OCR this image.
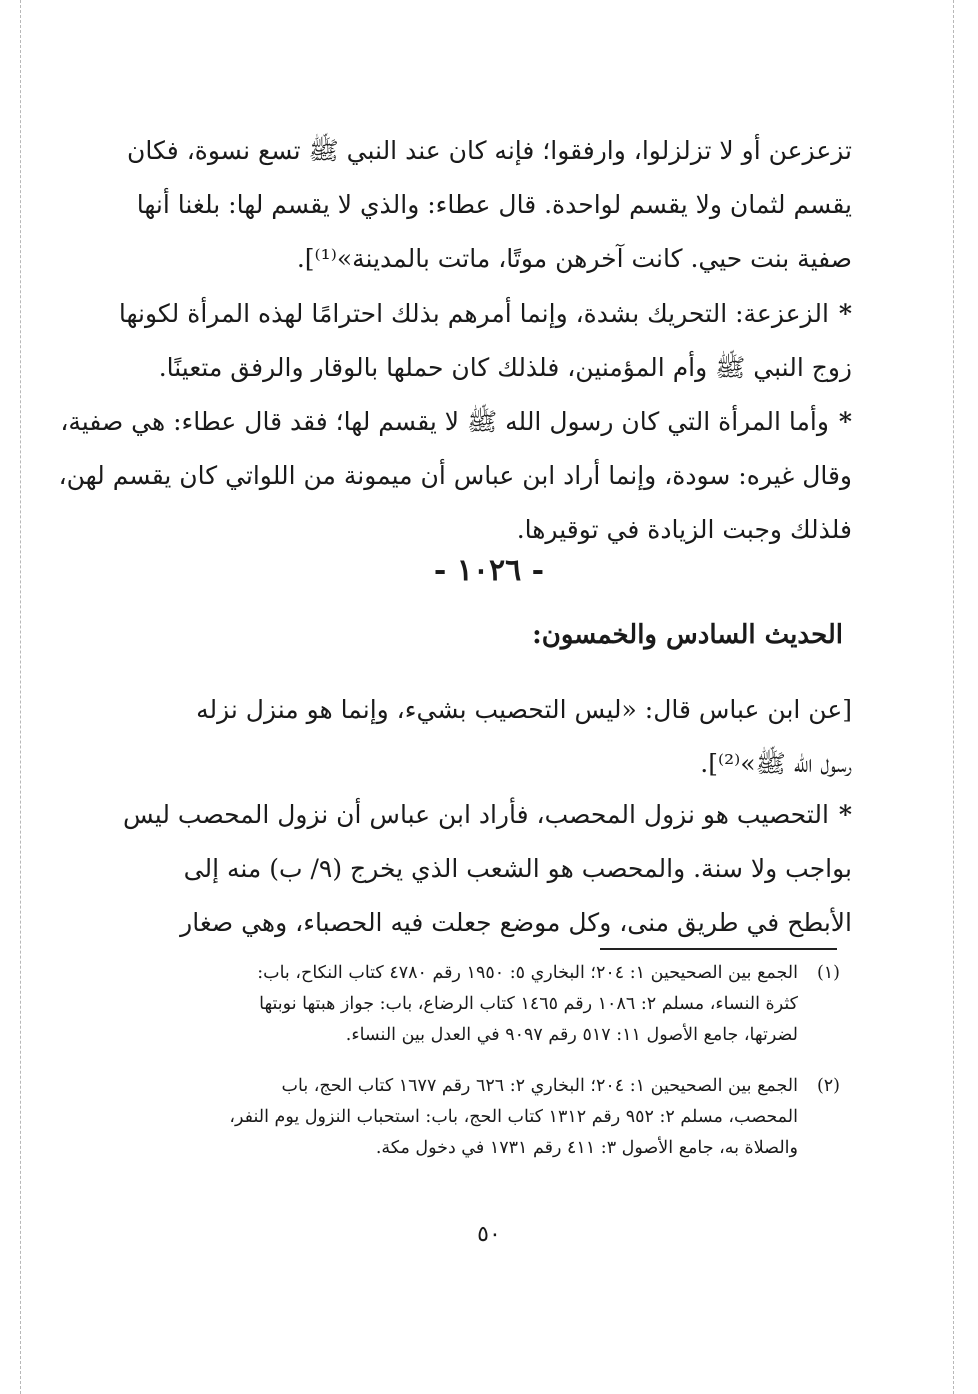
تزعزعن أو لا تزلزلوا، وارفقوا؛ فإنه كان عند النبي ﷺ تسع نسوة، فكان
يقسم لثمان ولا يقسم لواحدة. قال عطاء: والذي لا يقسم لها: بلغنا أنها
صفية بنت حيي. كانت آخرهن موتًا، ماتت بالمدينة»⁽¹⁾].
*الزعزعة: التحريك بشدة، وإنما أمرهم بذلك احترامًا لهذه المرأة لكونها
زوج النبي ﷺ وأم المؤمنين، فلذلك كان حملها بالوقار والرفق متعينًا.
*وأما المرأة التي كان رسول الله ﷺ لا يقسم لها؛ فقد قال عطاء: هي صفية،
وقال غيره: سودة، وإنما أراد ابن عباس أن ميمونة من اللواتي كان يقسم لهن،
فلذلك وجبت الزيادة في توقيرها.
- ١٠٢٦ -
الحديث السادس والخمسون:
[عن ابن عباس قال: «ليس التحصيب بشيء، وإنما هو منزل نزله
رسول الله ﷺ»⁽²⁾].
*التحصيب هو نزول المحصب، فأراد ابن عباس أن نزول المحصب ليس
بواجب ولا سنة. والمحصب هو الشعب الذي يخرج (٩/ ب) منه إلى
الأبطح في طريق منى، وكل موضع جعلت فيه الحصباء، وهي صغار
(١)
الجمع بين الصحيحين ١: ٢٠٤؛ البخاري ٥: ١٩٥٠ رقم ٤٧٨٠ كتاب النكاح، باب:
كثرة النساء، مسلم ٢: ١٠٨٦ رقم ١٤٦٥ كتاب الرضاع، باب: جواز هبتها نوبتها
لضرتها، جامع الأصول ١١: ٥١٧ رقم ٩٠٩٧ في العدل بين النساء.
(٢)
الجمع بين الصحيحين ١: ٢٠٤؛ البخاري ٢: ٦٢٦ رقم ١٦٧٧ كتاب الحج، باب
المحصب، مسلم ٢: ٩٥٢ رقم ١٣١٢ كتاب الحج، باب: استحباب النزول يوم النفر،
والصلاة به، جامع الأصول ٣: ٤١١ رقم ١٧٣١ في دخول مكة.
٥٠
